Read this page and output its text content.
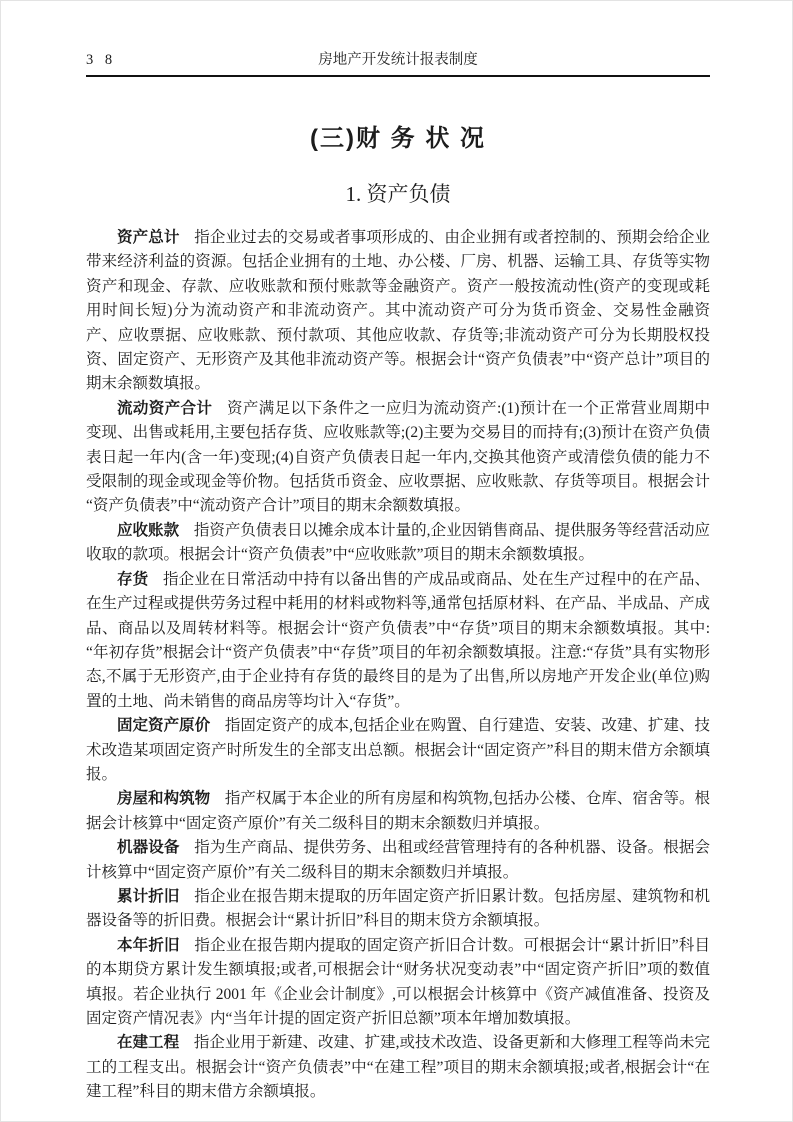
3 8	房地产开发统计报表制度
(三)财 务 状 况
1. 资产负债

资产总计 指企业过去的交易或者事项形成的、由企业拥有或者控制的、预期会给企业带来经济利益的资源。包括企业拥有的土地、办公楼、厂房、机器、运输工具、存货等实物资产和现金、存款、应收账款和预付账款等金融资产。资产一般按流动性(资产的变现或耗用时间长短)分为流动资产和非流动资产。其中流动资产可分为货币资金、交易性金融资产、应收票据、应收账款、预付款项、其他应收款、存货等;非流动资产可分为长期股权投资、固定资产、无形资产及其他非流动资产等。根据会计“资产负债表”中“资产总计”项目的期末余额数填报。

流动资产合计 资产满足以下条件之一应归为流动资产:(1)预计在一个正常营业周期中变现、出售或耗用,主要包括存货、应收账款等;(2)主要为交易目的而持有;(3)预计在资产负债表日起一年内(含一年)变现;(4)自资产负债表日起一年内,交换其他资产或清偿负债的能力不受限制的现金或现金等价物。包括货币资金、应收票据、应收账款、存货等项目。根据会计“资产负债表”中“流动资产合计”项目的期末余额数填报。

应收账款 指资产负债表日以摊余成本计量的,企业因销售商品、提供服务等经营活动应收取的款项。根据会计“资产负债表”中“应收账款”项目的期末余额数填报。

存货 指企业在日常活动中持有以备出售的产成品或商品、处在生产过程中的在产品、在生产过程或提供劳务过程中耗用的材料或物料等,通常包括原材料、在产品、半成品、产成品、商品以及周转材料等。根据会计“资产负债表”中“存货”项目的期末余额数填报。其中:“年初存货”根据会计“资产负债表”中“存货”项目的年初余额数填报。注意:“存货”具有实物形态,不属于无形资产,由于企业持有存货的最终目的是为了出售,所以房地产开发企业(单位)购置的土地、尚未销售的商品房等均计入“存货”。

固定资产原价 指固定资产的成本,包括企业在购置、自行建造、安装、改建、扩建、技术改造某项固定资产时所发生的全部支出总额。根据会计“固定资产”科目的期末借方余额填报。

房屋和构筑物 指产权属于本企业的所有房屋和构筑物,包括办公楼、仓库、宿舍等。根据会计核算中“固定资产原价”有关二级科目的期末余额数归并填报。

机器设备 指为生产商品、提供劳务、出租或经营管理持有的各种机器、设备。根据会计核算中“固定资产原价”有关二级科目的期末余额数归并填报。

累计折旧 指企业在报告期末提取的历年固定资产折旧累计数。包括房屋、建筑物和机器设备等的折旧费。根据会计“累计折旧”科目的期末贷方余额填报。

本年折旧 指企业在报告期内提取的固定资产折旧合计数。可根据会计“累计折旧”科目的本期贷方累计发生额填报;或者,可根据会计“财务状况变动表”中“固定资产折旧”项的数值填报。若企业执行 2001 年《企业会计制度》,可以根据会计核算中《资产减值准备、投资及固定资产情况表》内“当年计提的固定资产折旧总额”项本年增加数填报。

在建工程 指企业用于新建、改建、扩建,或技术改造、设备更新和大修理工程等尚未完工的工程支出。根据会计“资产负债表”中“在建工程”项目的期末余额填报;或者,根据会计“在建工程”科目的期末借方余额填报。
